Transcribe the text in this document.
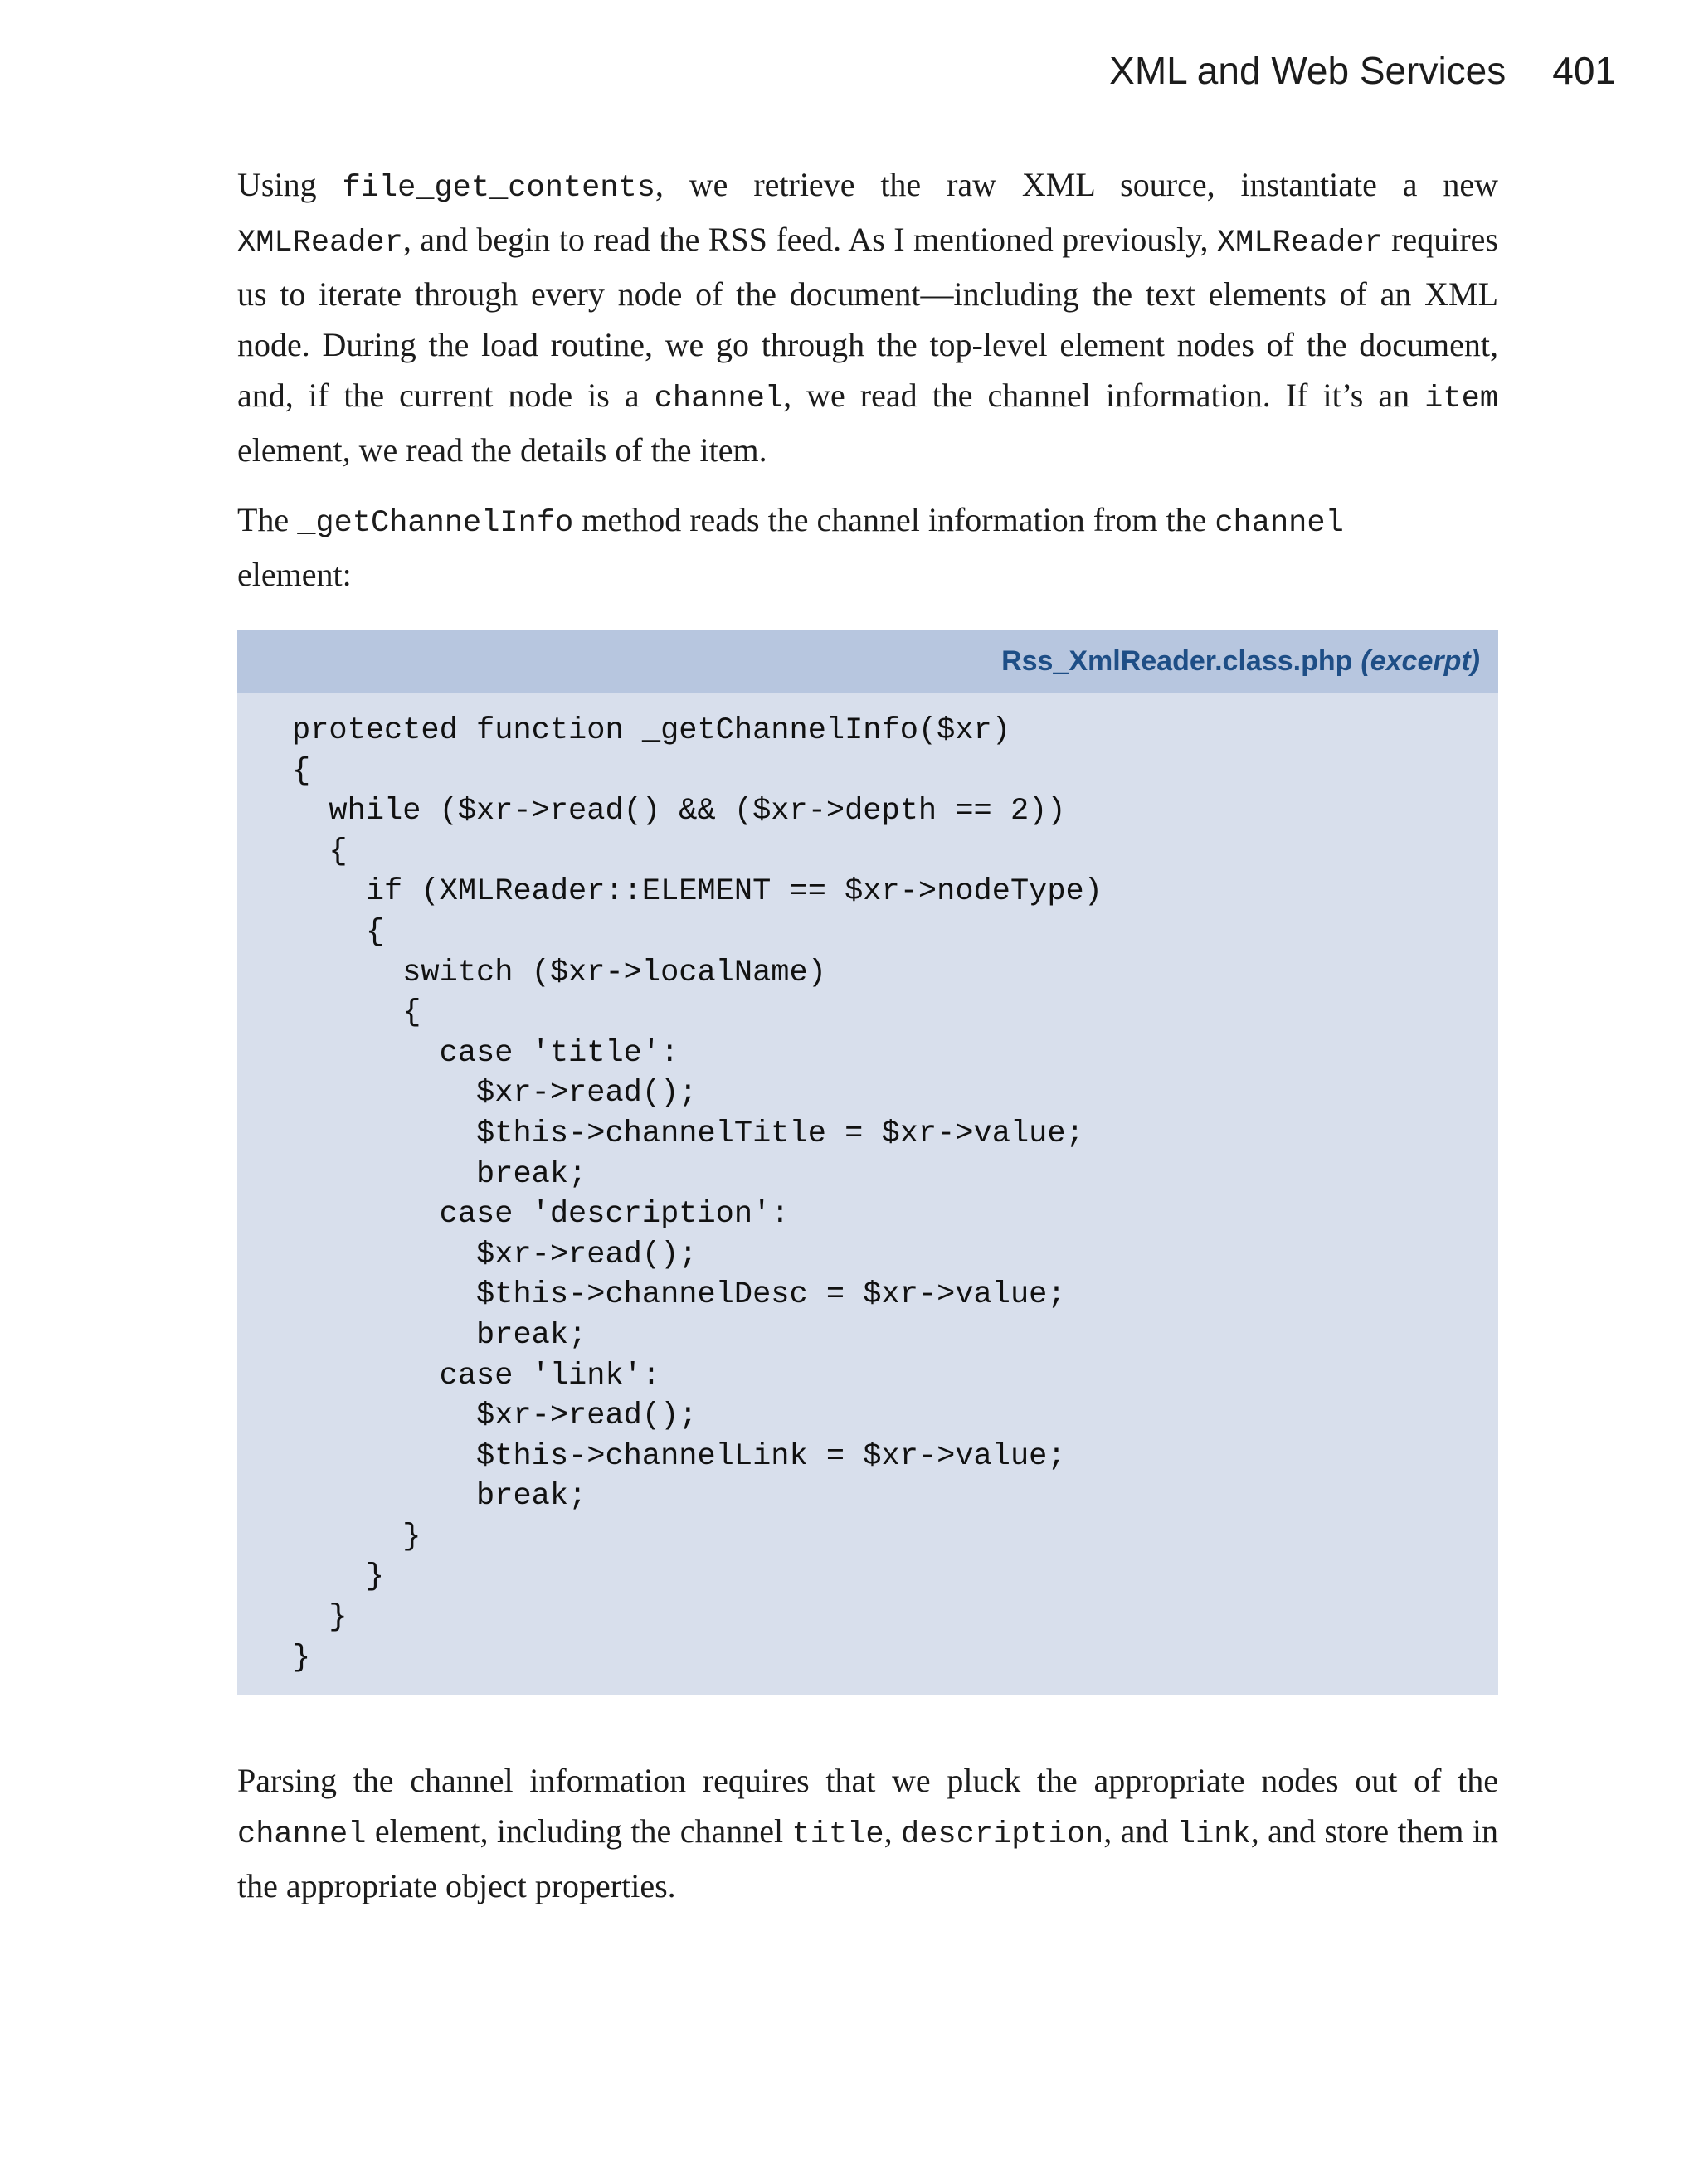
XML and Web Services 401

Using file_get_contents, we retrieve the raw XML source, instantiate a new XMLReader, and begin to read the RSS feed. As I mentioned previously, XMLReader requires us to iterate through every node of the document—including the text elements of an XML node. During the load routine, we go through the top-level element nodes of the document, and, if the current node is a channel, we read the channel information. If it’s an item element, we read the details of the item.

The _getChannelInfo method reads the channel information from the channel
element:

Rss_XmlReader.class.php (excerpt)
protected function _getChannelInfo($xr)
{
while ($xr->read() && ($xr->depth == 2))
{
if (XMLReader::ELEMENT == $xr->nodeType)
{
switch ($xr->localName)
{
case 'title':
$xr->read();
$this->channelTitle = $xr->value;
break;
case 'description':
$xr->read();
$this->channelDesc = $xr->value;
break;
case 'link':
$xr->read();
$this->channelLink = $xr->value;
break;
}
}
}
}

Parsing the channel information requires that we pluck the appropriate nodes out of the channel element, including the channel title, description, and link, and store them in the appropriate object properties.
